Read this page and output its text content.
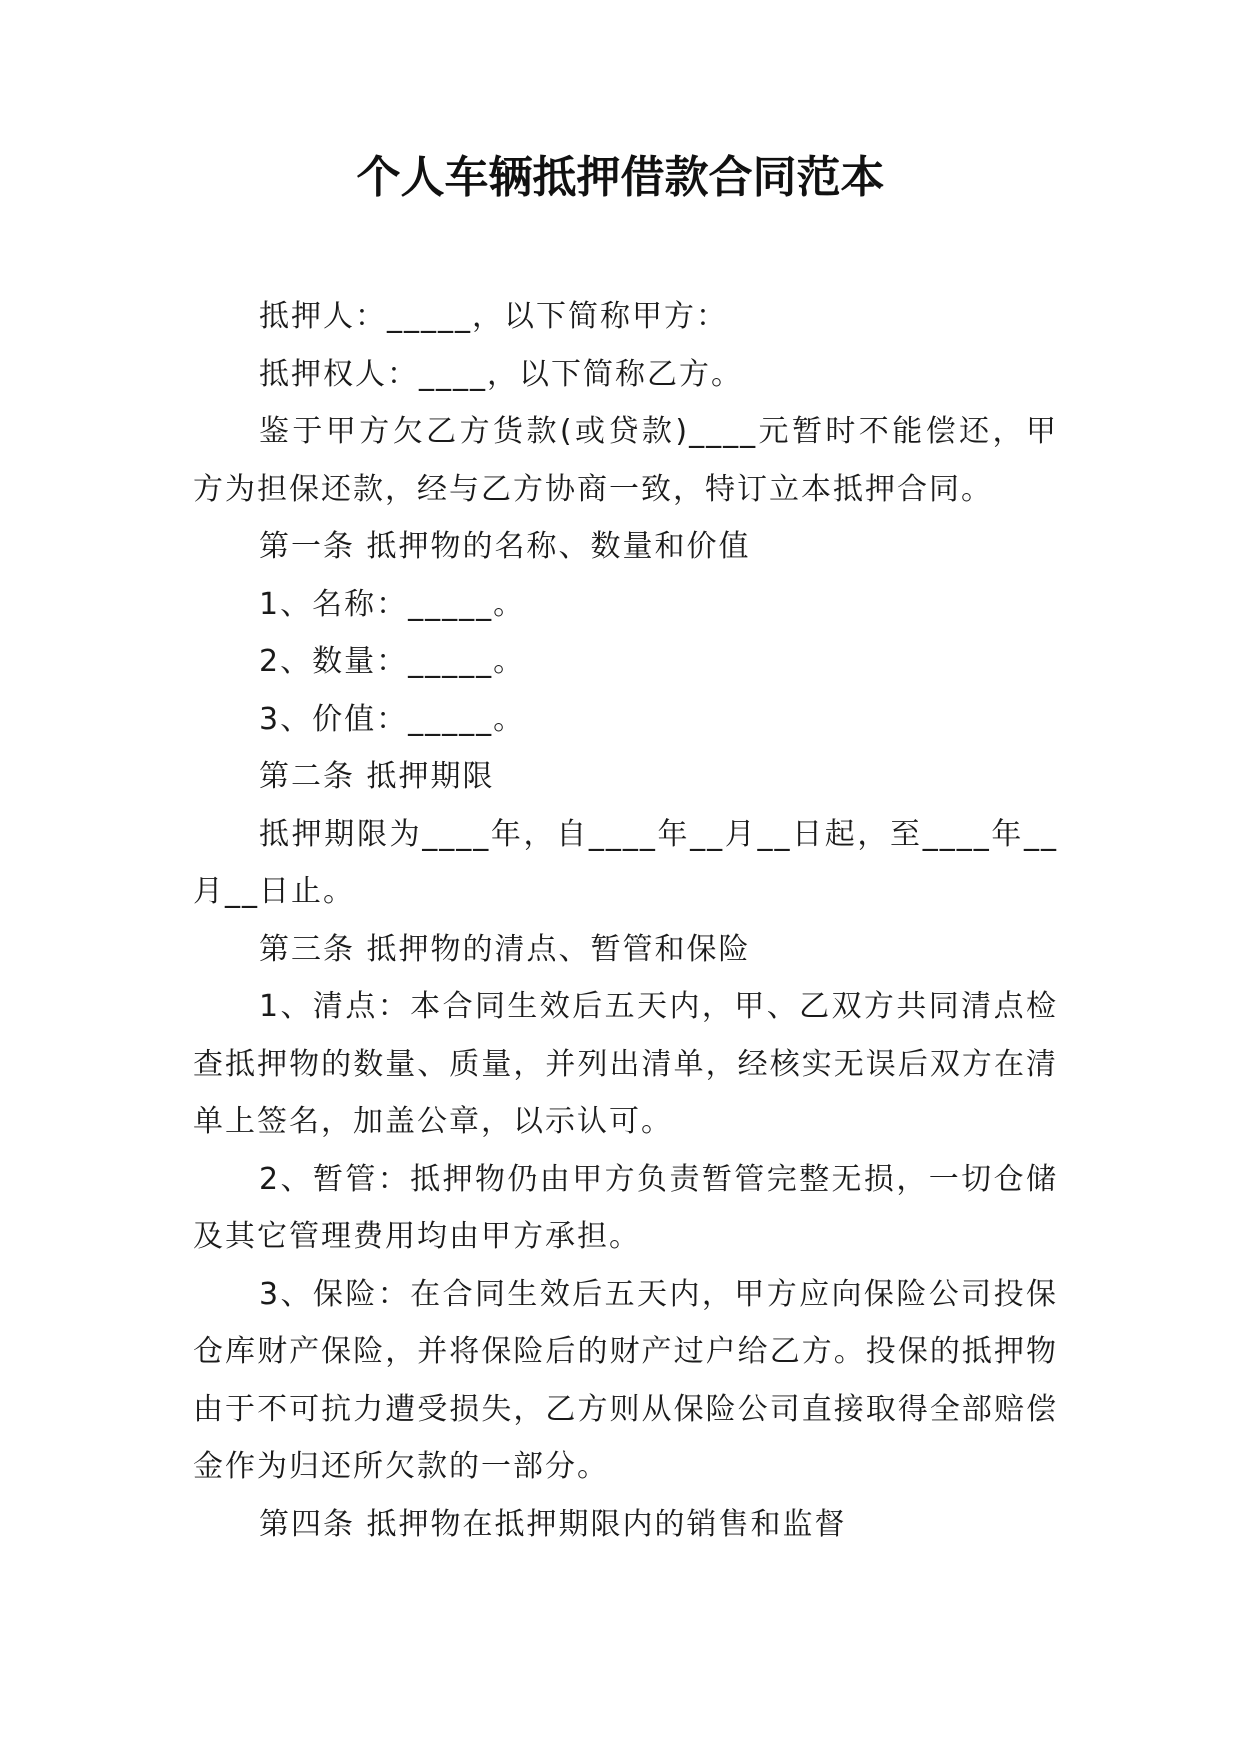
个人车辆抵押借款合同范本

抵押人：_____，以下简称甲方：

抵押权人：____，以下简称乙方。

鉴于甲方欠乙方货款(或贷款)____元暂时不能偿还，甲方为担保还款，经与乙方协商一致，特订立本抵押合同。

第一条 抵押物的名称、数量和价值

1、名称：_____。

2、数量：_____。

3、价值：_____。

第二条 抵押期限

抵押期限为____年，自____年__月__日起，至____年__月__日止。

第三条 抵押物的清点、暂管和保险

1、清点：本合同生效后五天内，甲、乙双方共同清点检查抵押物的数量、质量，并列出清单，经核实无误后双方在清单上签名，加盖公章，以示认可。

2、暂管：抵押物仍由甲方负责暂管完整无损，一切仓储及其它管理费用均由甲方承担。

3、保险：在合同生效后五天内，甲方应向保险公司投保仓库财产保险，并将保险后的财产过户给乙方。投保的抵押物由于不可抗力遭受损失，乙方则从保险公司直接取得全部赔偿金作为归还所欠款的一部分。

第四条 抵押物在抵押期限内的销售和监督
